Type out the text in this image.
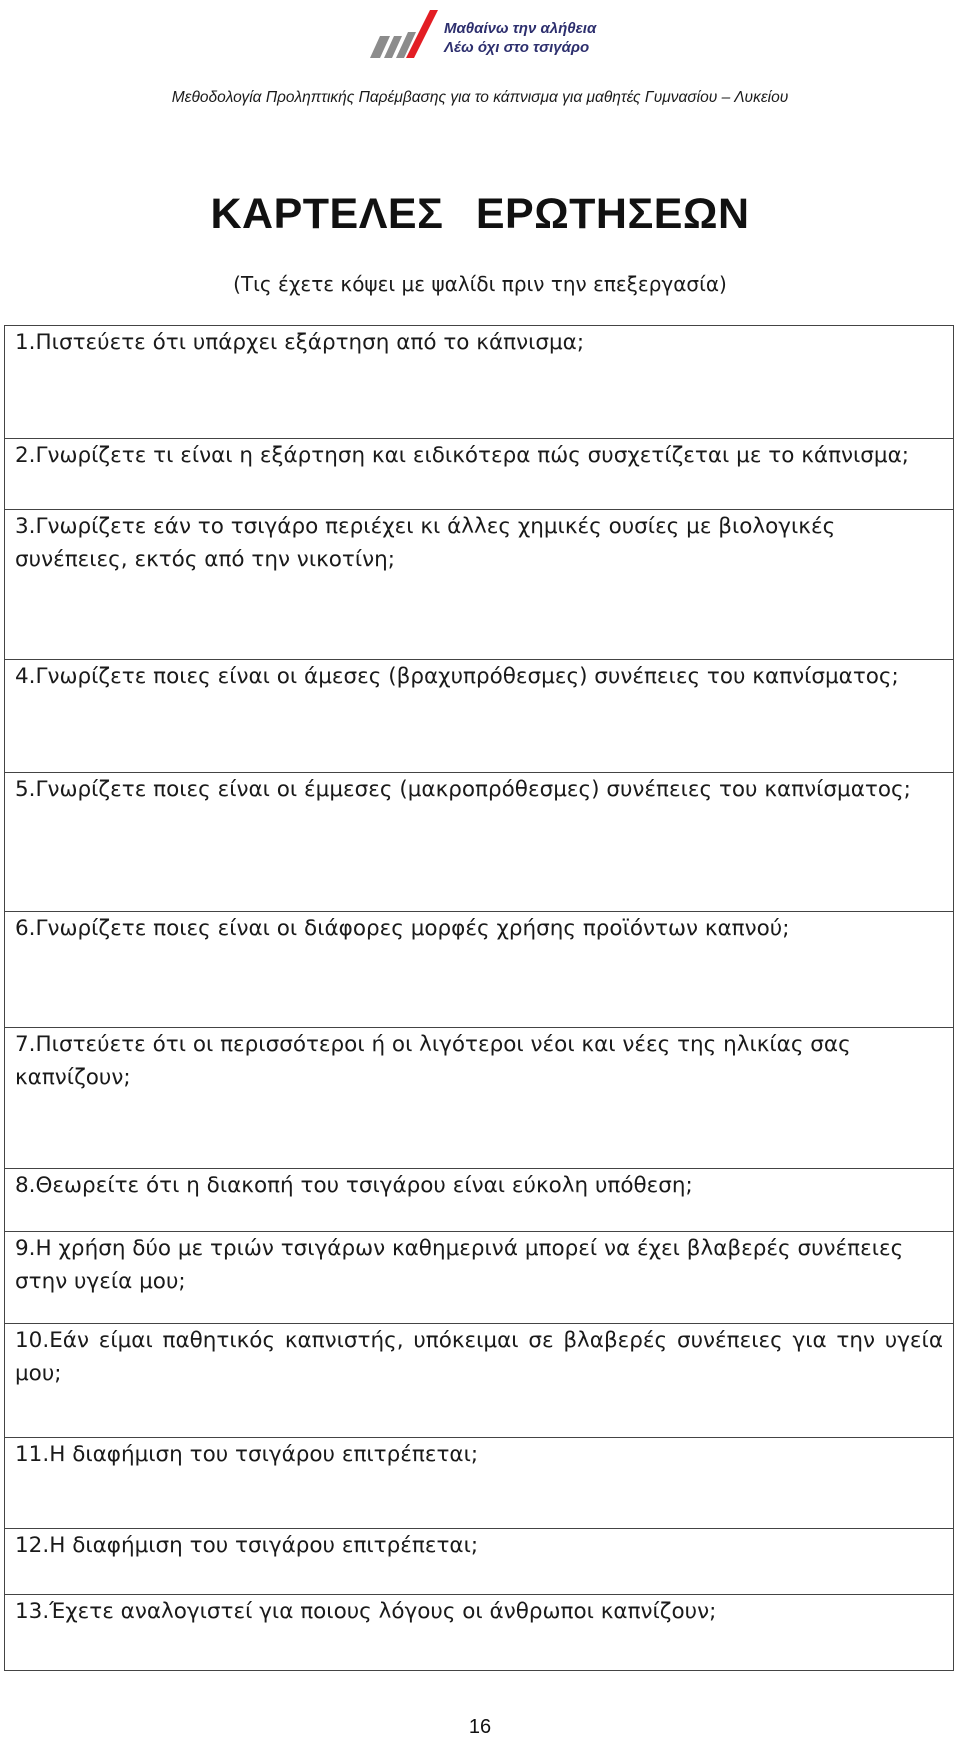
Μαθαίνω την αλήθεια
Λέω όχι στο τσιγάρο
Μεθοδολογία Προληπτικής Παρέμβασης για το κάπνισμα για μαθητές Γυμνασίου – Λυκείου
ΚΑΡΤΕΛΕΣ ΕΡΩΤΗΣΕΩΝ
(Τις έχετε κόψει με ψαλίδι πριν την επεξεργασία)
1.Πιστεύετε ότι υπάρχει εξάρτηση από το κάπνισμα;
2.Γνωρίζετε τι είναι η εξάρτηση και ειδικότερα πώς συσχετίζεται με το κάπνισμα;
3.Γνωρίζετε εάν το τσιγάρο περιέχει κι άλλες χημικές ουσίες με βιολογικές συνέπειες, εκτός από την νικοτίνη;
4.Γνωρίζετε ποιες είναι οι άμεσες (βραχυπρόθεσμες) συνέπειες του καπνίσματος;
5.Γνωρίζετε ποιες είναι οι έμμεσες (μακροπρόθεσμες) συνέπειες του καπνίσματος;
6.Γνωρίζετε ποιες είναι οι διάφορες μορφές χρήσης προϊόντων καπνού;
7.Πιστεύετε ότι οι περισσότεροι ή οι λιγότεροι νέοι και νέες της ηλικίας σας καπνίζουν;
8.Θεωρείτε ότι η διακοπή του τσιγάρου είναι εύκολη υπόθεση;
9.Η χρήση δύο με τριών τσιγάρων καθημερινά μπορεί να έχει βλαβερές συνέπειες στην υγεία μου;
10.Εάν είμαι παθητικός καπνιστής, υπόκειμαι σε βλαβερές συνέπειες για την υγεία μου;
11.Η διαφήμιση του τσιγάρου επιτρέπεται;
12.Η διαφήμιση του τσιγάρου επιτρέπεται;
13.Έχετε αναλογιστεί για ποιους λόγους οι άνθρωποι καπνίζουν;
16
